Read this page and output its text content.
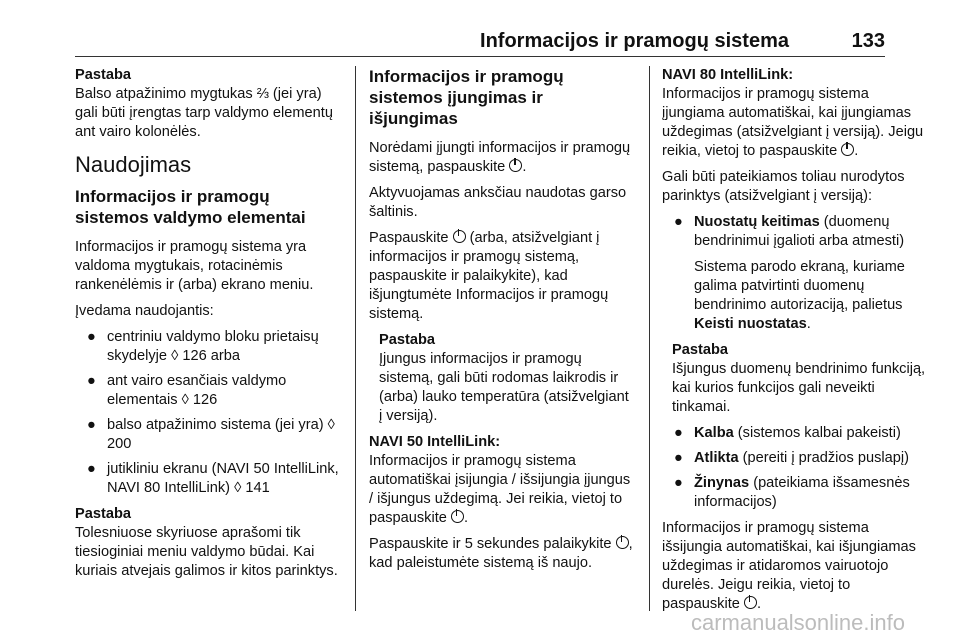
Informacijos ir pramogų sistema	133
Pastaba

Balso atpažinimo mygtukas ⅔ (jei yra) gali būti įrengtas tarp valdymo elementų ant vairo kolonėlės.

Naudojimas
Informacijos ir pramogų sistemos valdymo elementai

Informacijos ir pramogų sistema yra valdoma mygtukais, rotacinėmis rankenėlėmis ir (arba) ekrano meniu.

Įvedama naudojantis:

● centriniu valdymo bloku prietaisų skydelyje ◊ 126 arba
● ant vairo esančiais valdymo elementais ◊ 126
● balso atpažinimo sistema (jei yra) ◊ 200
● jutikliniu ekranu (NAVI 50 IntelliLink, NAVI 80 IntelliLink) ◊ 141
Pastaba

Tolesniuose skyriuose aprašomi tik tiesioginiai meniu valdymo būdai. Kai kuriais atvejais galimos ir kitos parinktys.

Informacijos ir pramogų sistemos įjungimas ir išjungimas

Norėdami įjungti informacijos ir pramogų sistemą, paspauskite .

Aktyvuojamas anksčiau naudotas garso šaltinis.

Paspauskite (arba, atsižvelgiant į informacijos ir pramogų sistemą, paspauskite ir palaikykite), kad išjungtumėte Informacijos ir pramogų sistemą.

Pastaba

Įjungus informacijos ir pramogų sistemą, gali būti rodomas laikrodis ir (arba) lauko temperatūra (atsižvelgiant į versiją).

NAVI 50 IntelliLink:

Informacijos ir pramogų sistema automatiškai įsijungia / išsijungia įjungus / išjungus uždegimą. Jei reikia, vietoj to paspauskite .

Paspauskite ir 5 sekundes palaikykite , kad paleistumėte sistemą iš naujo.

NAVI 80 IntelliLink:

Informacijos ir pramogų sistema įjungiama automatiškai, kai įjungiamas uždegimas (atsižvelgiant į versiją). Jeigu reikia, vietoj to paspauskite .

Gali būti pateikiamos toliau nurodytos parinktys (atsižvelgiant į versiją):

● Nuostatų keitimas (duomenų bendrinimui įgalioti arba atmesti)

Sistema parodo ekraną, kuriame galima patvirtinti duomenų bendrinimo autorizaciją, palietus Keisti nuostatas.

Pastaba

Išjungus duomenų bendrinimo funkciją, kai kurios funkcijos gali neveikti tinkamai.

● Kalba (sistemos kalbai pakeisti)
● Atlikta (pereiti į pradžios puslapį)
● Žinynas (pateikiama išsamesnės informacijos)

Informacijos ir pramogų sistema išsijungia automatiškai, kai išjungiamas uždegimas ir atidaromos vairuotojo durelės. Jeigu reikia, vietoj to paspauskite .

carmanualsonline.info
